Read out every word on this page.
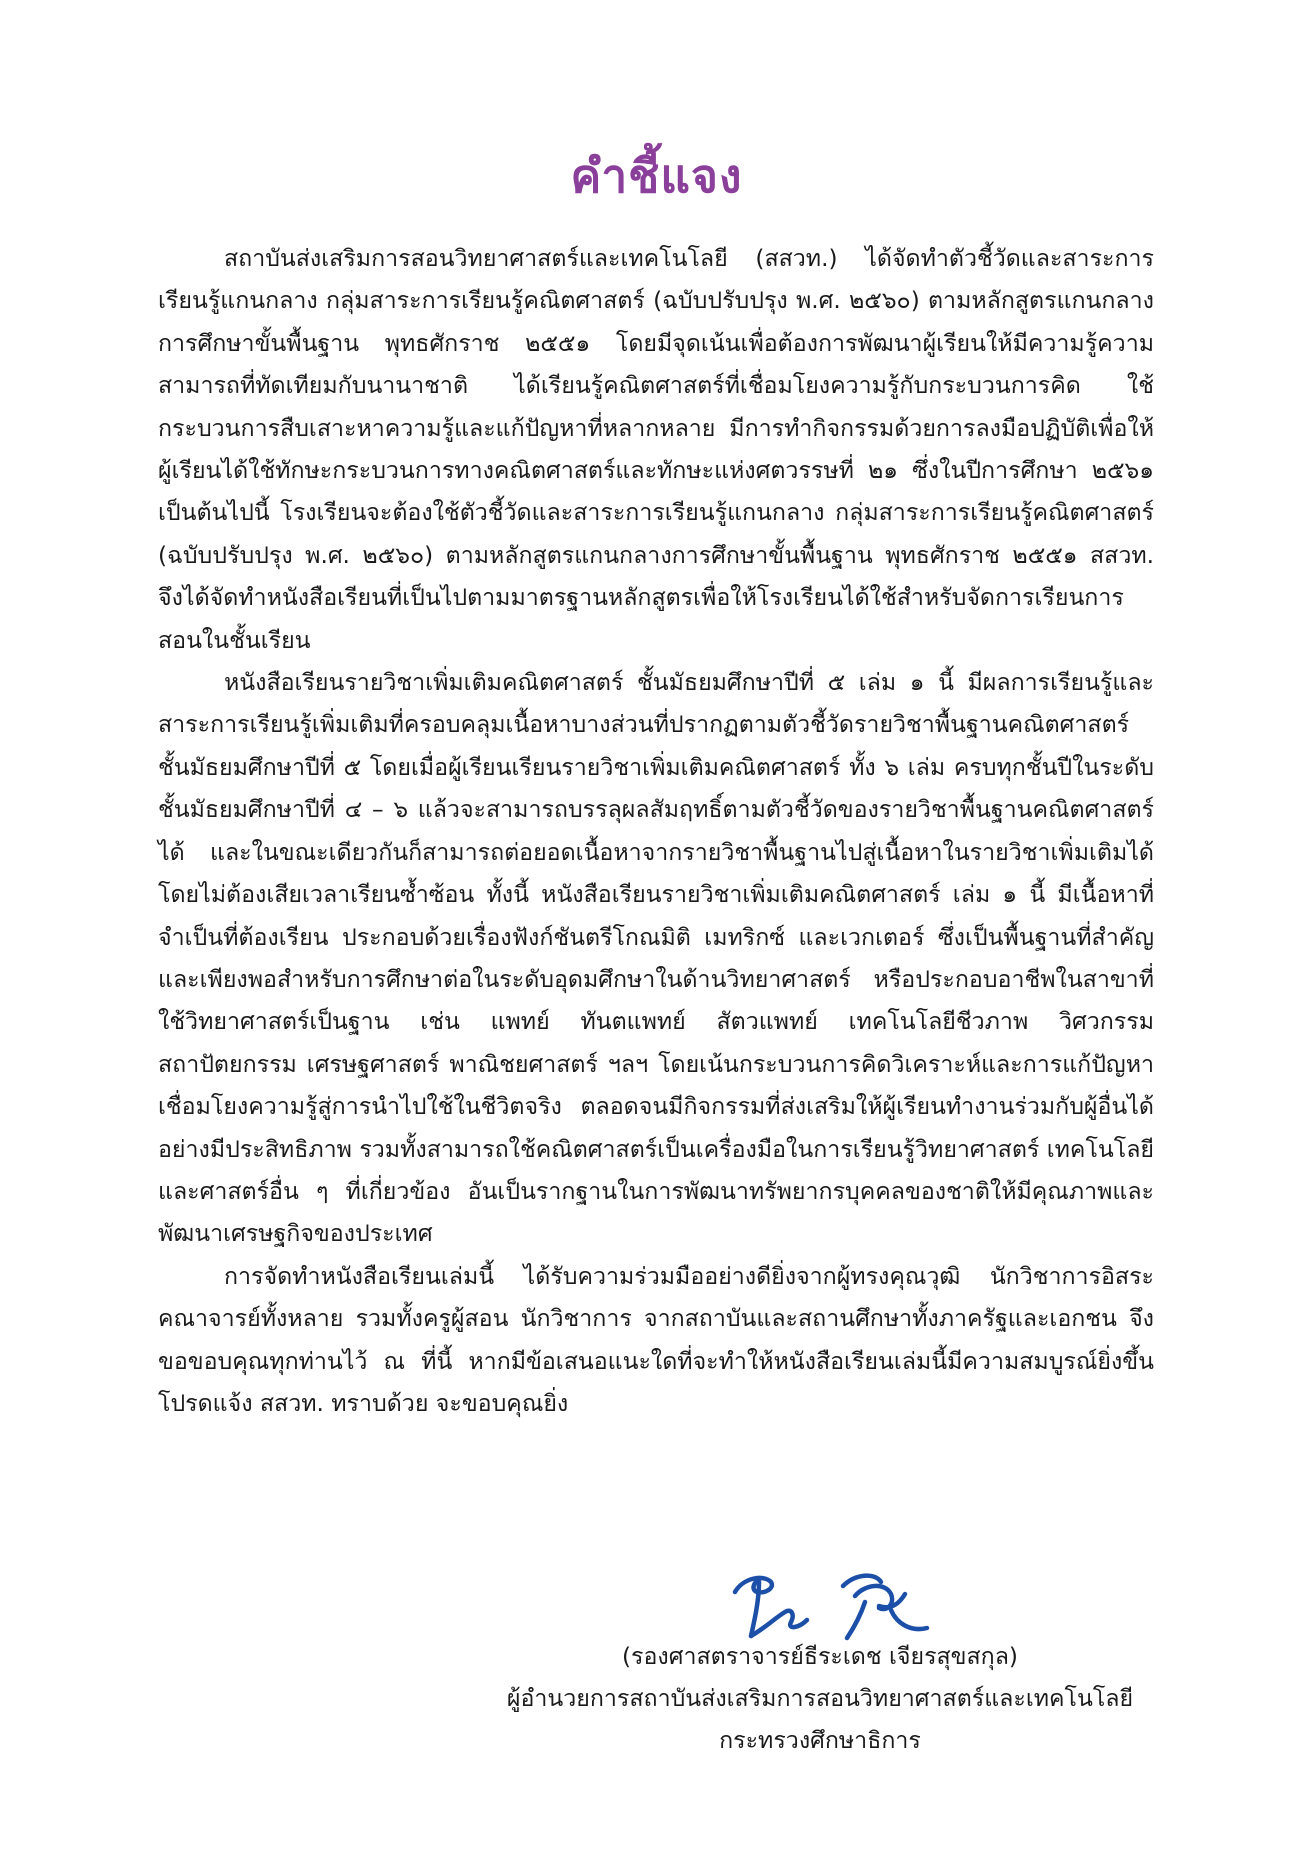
คำชี้แจง

สถาบันส่งเสริมการสอนวิทยาศาสตร์และเทคโนโลยี (สสวท.) ได้จัดทำตัวชี้วัดและสาระการเรียนรู้แกนกลาง กลุ่มสาระการเรียนรู้คณิตศาสตร์ (ฉบับปรับปรุง พ.ศ. ๒๕๖๐) ตามหลักสูตรแกนกลางการศึกษาขั้นพื้นฐาน พุทธศักราช ๒๕๕๑ โดยมีจุดเน้นเพื่อต้องการพัฒนาผู้เรียนให้มีความรู้ความสามารถที่ทัดเทียมกับนานาชาติ ได้เรียนรู้คณิตศาสตร์ที่เชื่อมโยงความรู้กับกระบวนการคิด ใช้กระบวนการสืบเสาะหาความรู้และแก้ปัญหาที่หลากหลาย มีการทำกิจกรรมด้วยการลงมือปฏิบัติเพื่อให้ผู้เรียนได้ใช้ทักษะกระบวนการทางคณิตศาสตร์และทักษะแห่งศตวรรษที่ ๒๑ ซึ่งในปีการศึกษา ๒๕๖๑ เป็นต้นไปนี้ โรงเรียนจะต้องใช้ตัวชี้วัดและสาระการเรียนรู้แกนกลาง กลุ่มสาระการเรียนรู้คณิตศาสตร์ (ฉบับปรับปรุง พ.ศ. ๒๕๖๐) ตามหลักสูตรแกนกลางการศึกษาขั้นพื้นฐาน พุทธศักราช ๒๕๕๑ สสวท. จึงได้จัดทำหนังสือเรียนที่เป็นไปตามมาตรฐานหลักสูตรเพื่อให้โรงเรียนได้ใช้สำหรับจัดการเรียนการสอนในชั้นเรียน

หนังสือเรียนรายวิชาเพิ่มเติมคณิตศาสตร์ ชั้นมัธยมศึกษาปีที่ ๕ เล่ม ๑ นี้ มีผลการเรียนรู้และสาระการเรียนรู้เพิ่มเติมที่ครอบคลุมเนื้อหาบางส่วนที่ปรากฏตามตัวชี้วัดรายวิชาพื้นฐานคณิตศาสตร์ ชั้นมัธยมศึกษาปีที่ ๕ โดยเมื่อผู้เรียนเรียนรายวิชาเพิ่มเติมคณิตศาสตร์ ทั้ง ๖ เล่ม ครบทุกชั้นปีในระดับชั้นมัธยมศึกษาปีที่ ๔ – ๖ แล้วจะสามารถบรรลุผลสัมฤทธิ์ตามตัวชี้วัดของรายวิชาพื้นฐานคณิตศาสตร์ได้ และในขณะเดียวกันก็สามารถต่อยอดเนื้อหาจากรายวิชาพื้นฐานไปสู่เนื้อหาในรายวิชาเพิ่มเติมได้โดยไม่ต้องเสียเวลาเรียนซ้ำซ้อน ทั้งนี้ หนังสือเรียนรายวิชาเพิ่มเติมคณิตศาสตร์ เล่ม ๑ นี้ มีเนื้อหาที่จำเป็นที่ต้องเรียน ประกอบด้วยเรื่องฟังก์ชันตรีโกณมิติ เมทริกซ์ และเวกเตอร์ ซึ่งเป็นพื้นฐานที่สำคัญและเพียงพอสำหรับการศึกษาต่อในระดับอุดมศึกษาในด้านวิทยาศาสตร์ หรือประกอบอาชีพในสาขาที่ใช้วิทยาศาสตร์เป็นฐาน เช่น แพทย์ ทันตแพทย์ สัตวแพทย์ เทคโนโลยีชีวภาพ วิศวกรรม สถาปัตยกรรม เศรษฐศาสตร์ พาณิชยศาสตร์ ฯลฯ โดยเน้นกระบวนการคิดวิเคราะห์และการแก้ปัญหา เชื่อมโยงความรู้สู่การนำไปใช้ในชีวิตจริง ตลอดจนมีกิจกรรมที่ส่งเสริมให้ผู้เรียนทำงานร่วมกับผู้อื่นได้อย่างมีประสิทธิภาพ รวมทั้งสามารถใช้คณิตศาสตร์เป็นเครื่องมือในการเรียนรู้วิทยาศาสตร์ เทคโนโลยี และศาสตร์อื่น ๆ ที่เกี่ยวข้อง อันเป็นรากฐานในการพัฒนาทรัพยากรบุคคลของชาติให้มีคุณภาพและพัฒนาเศรษฐกิจของประเทศ

การจัดทำหนังสือเรียนเล่มนี้ ได้รับความร่วมมืออย่างดียิ่งจากผู้ทรงคุณวุฒิ นักวิชาการอิสระ คณาจารย์ทั้งหลาย รวมทั้งครูผู้สอน นักวิชาการ จากสถาบันและสถานศึกษาทั้งภาครัฐและเอกชน จึงขอขอบคุณทุกท่านไว้ ณ ที่นี้ หากมีข้อเสนอแนะใดที่จะทำให้หนังสือเรียนเล่มนี้มีความสมบูรณ์ยิ่งขึ้น โปรดแจ้ง สสวท. ทราบด้วย จะขอบคุณยิ่ง

(รองศาสตราจารย์ธีระเดช เจียรสุขสกุล)
ผู้อำนวยการสถาบันส่งเสริมการสอนวิทยาศาสตร์และเทคโนโลยี
กระทรวงศึกษาธิการ
